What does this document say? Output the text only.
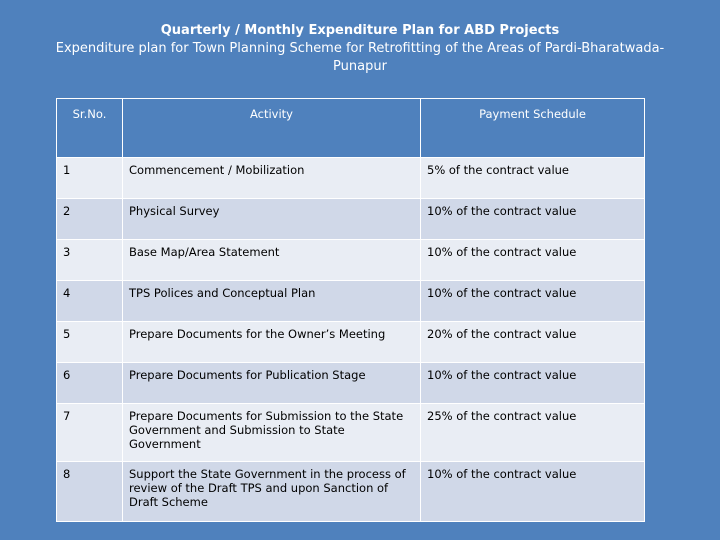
Quarterly / Monthly Expenditure Plan for ABD Projects
Expenditure plan for Town Planning Scheme for Retrofitting of the Areas of Pardi-Bharatwada-Punapur
Sr.No.	Activity	Payment Schedule
1	Commencement / Mobilization	5% of the contract value
2	Physical Survey	10% of the contract value
3	Base Map/Area Statement	10% of the contract value
4	TPS Polices and Conceptual Plan	10% of the contract value
5	Prepare Documents for the Owner’s Meeting	20% of the contract value
6	Prepare Documents for Publication Stage	10% of the contract value
7	Prepare Documents for Submission to the State Government and Submission to State Government	25% of the contract value
8	Support the State Government in the process of review of the Draft TPS and upon Sanction of Draft Scheme	10% of the contract value
